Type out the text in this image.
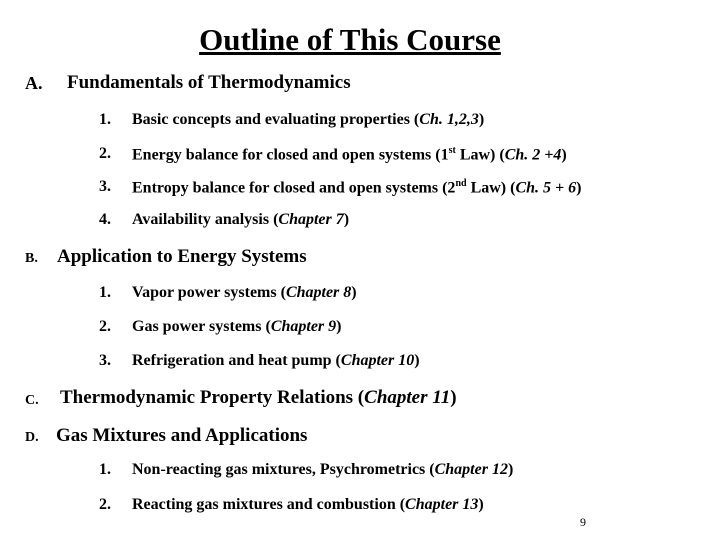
Outline of This Course
A. Fundamentals of Thermodynamics
1. Basic concepts and evaluating properties (Ch. 1,2,3)
2. Energy balance for closed and open systems (1st Law) (Ch. 2 +4)
3. Entropy balance for closed and open systems (2nd Law) (Ch. 5 + 6)
4. Availability analysis (Chapter 7)
B. Application to Energy Systems
1. Vapor power systems (Chapter 8)
2. Gas power systems (Chapter 9)
3. Refrigeration and heat pump (Chapter 10)
C. Thermodynamic Property Relations (Chapter 11)
D. Gas Mixtures and Applications
1. Non-reacting gas mixtures, Psychrometrics (Chapter 12)
2. Reacting gas mixtures and combustion (Chapter 13)
9
